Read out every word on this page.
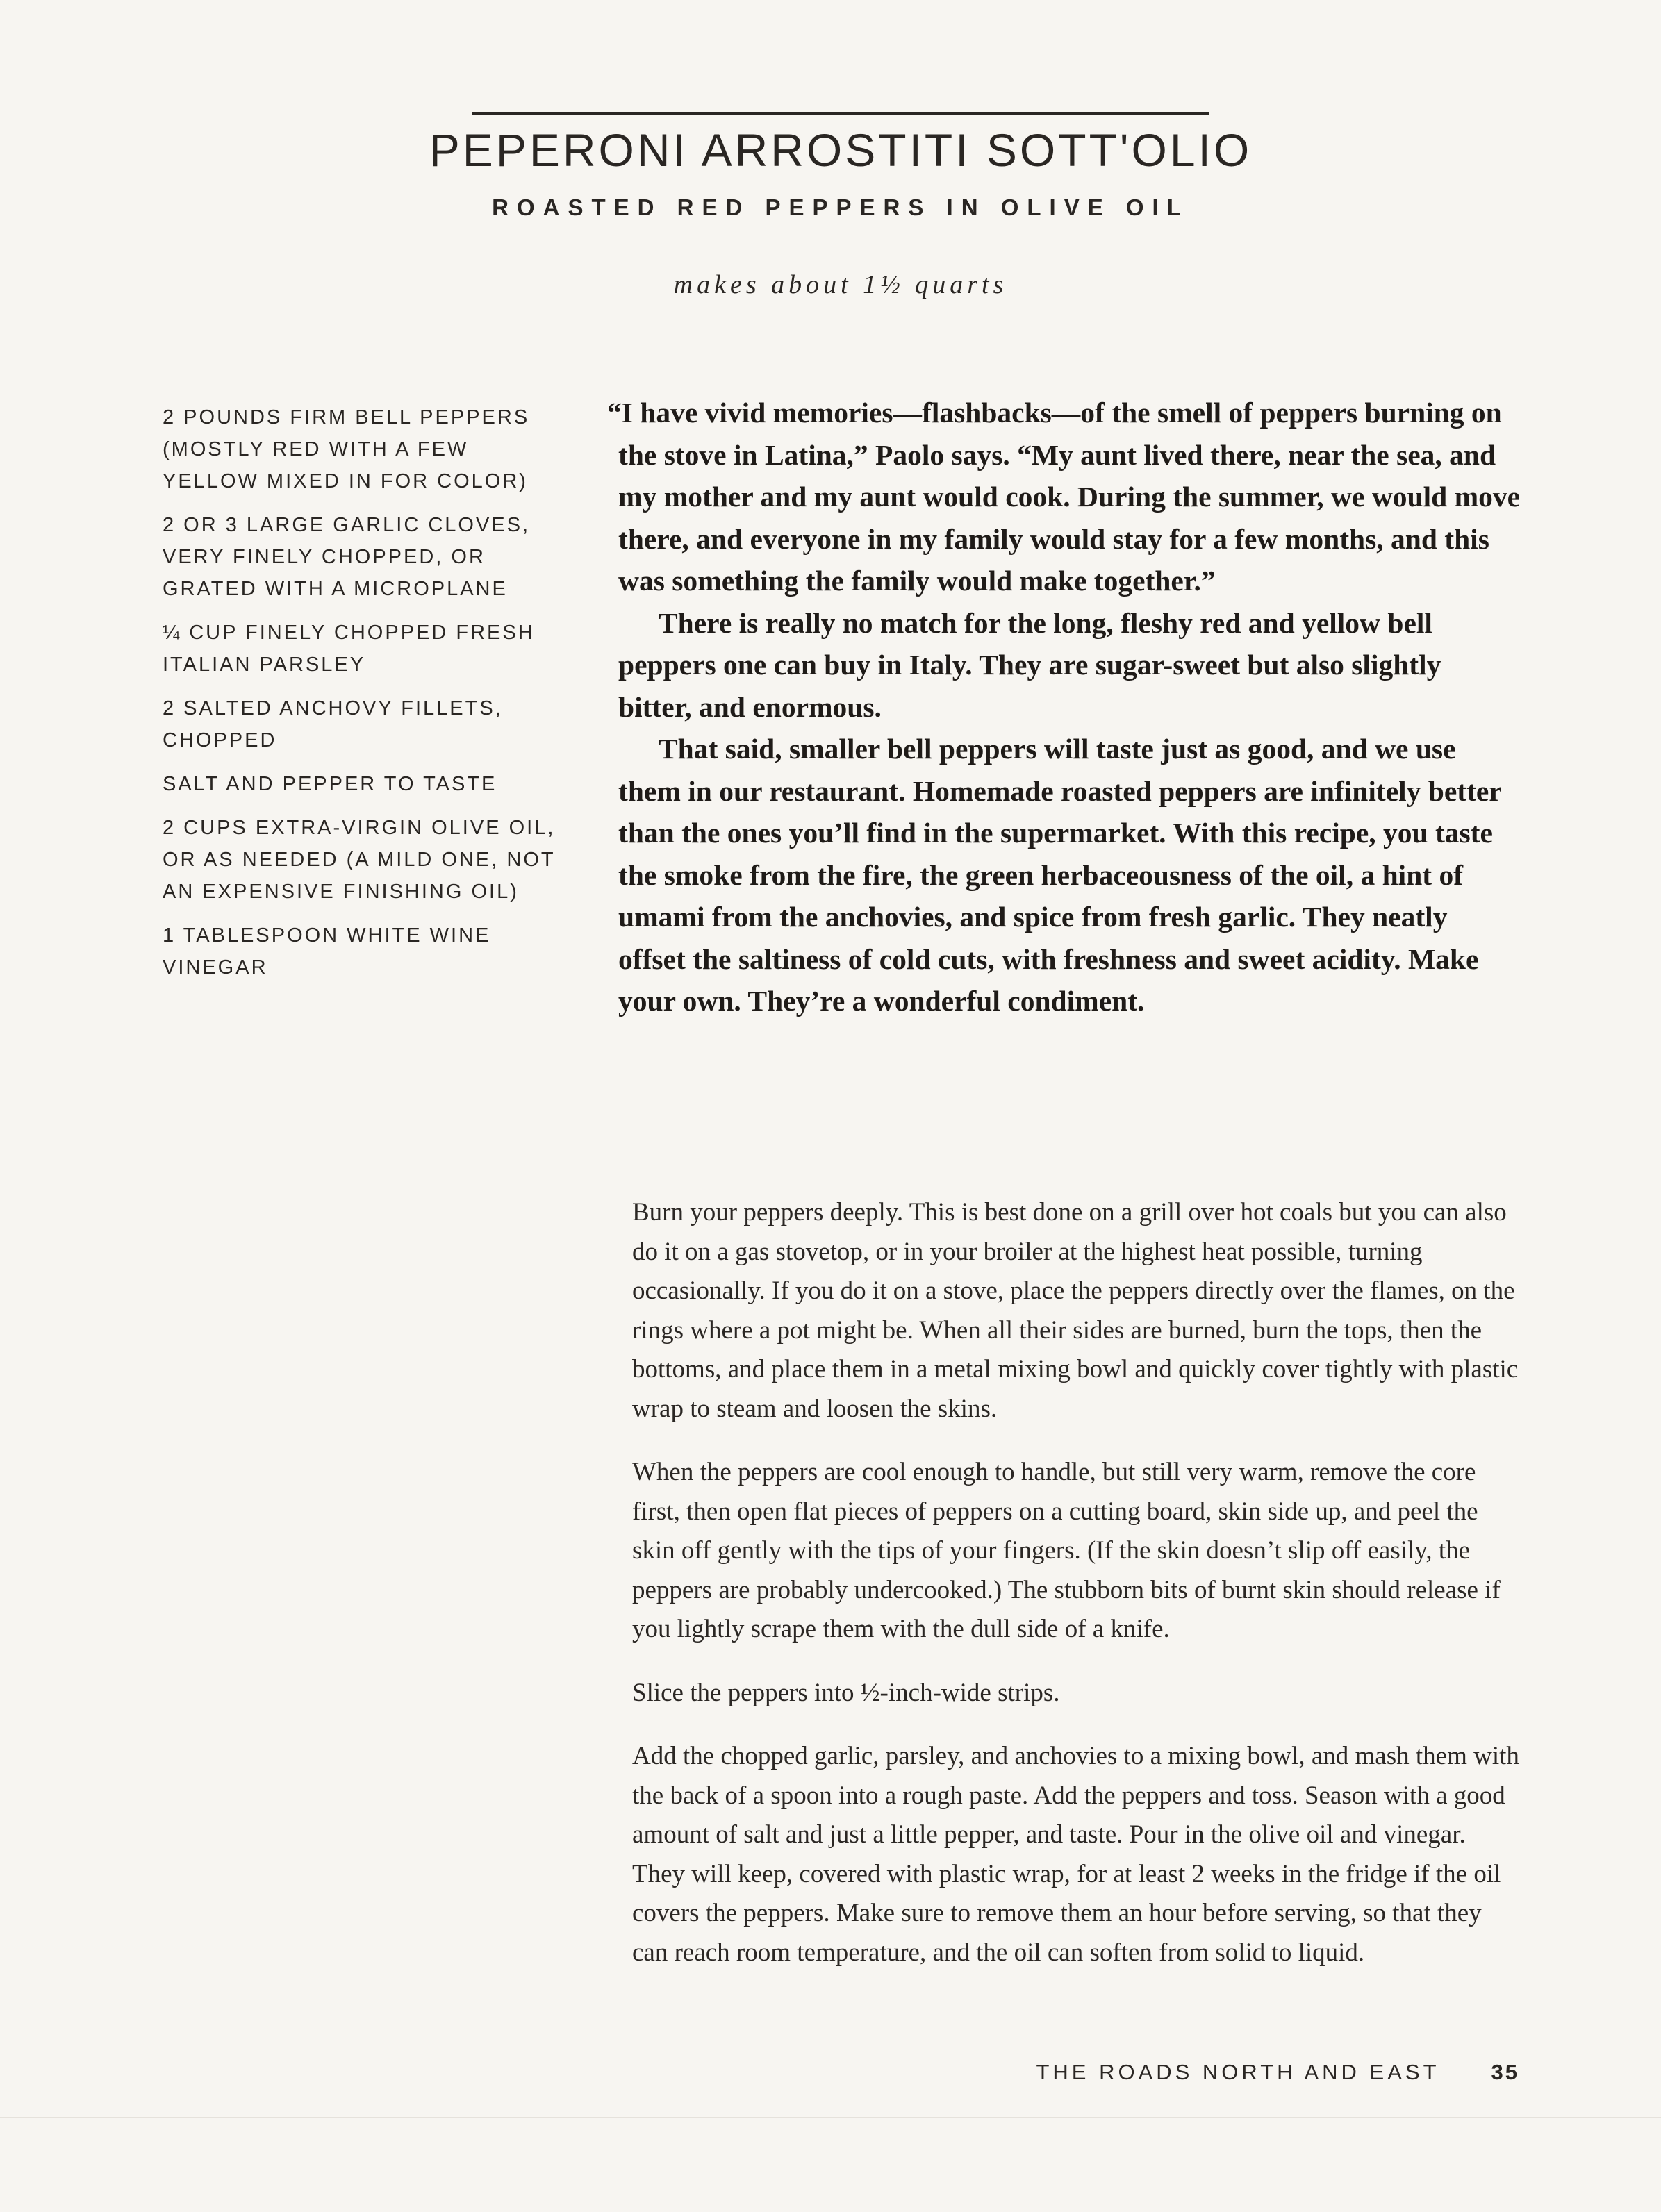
PEPERONI ARROSTITI SOTT'OLIO
ROASTED RED PEPPERS IN OLIVE OIL

makes about 1½ quarts

2 POUNDS FIRM BELL PEPPERS (MOSTLY RED WITH A FEW YELLOW MIXED IN FOR COLOR)
2 OR 3 LARGE GARLIC CLOVES, VERY FINELY CHOPPED, OR GRATED WITH A MICROPLANE
¼ CUP FINELY CHOPPED FRESH ITALIAN PARSLEY
2 SALTED ANCHOVY FILLETS, CHOPPED
SALT AND PEPPER TO TASTE
2 CUPS EXTRA-VIRGIN OLIVE OIL, OR AS NEEDED (A MILD ONE, NOT AN EXPENSIVE FINISHING OIL)
1 TABLESPOON WHITE WINE VINEGAR

“I have vivid memories—flashbacks—of the smell of peppers burning on the stove in Latina,” Paolo says. “My aunt lived there, near the sea, and my mother and my aunt would cook. During the summer, we would move there, and everyone in my family would stay for a few months, and this was something the family would make together.”

There is really no match for the long, fleshy red and yellow bell peppers one can buy in Italy. They are sugar-sweet but also slightly bitter, and enormous.

That said, smaller bell peppers will taste just as good, and we use them in our restaurant. Homemade roasted peppers are infinitely better than the ones you’ll find in the supermarket. With this recipe, you taste the smoke from the fire, the green herbaceousness of the oil, a hint of umami from the anchovies, and spice from fresh garlic. They neatly offset the saltiness of cold cuts, with freshness and sweet acidity. Make your own. They’re a wonderful condiment.

Burn your peppers deeply. This is best done on a grill over hot coals but you can also do it on a gas stovetop, or in your broiler at the highest heat possible, turning occasionally. If you do it on a stove, place the peppers directly over the flames, on the rings where a pot might be. When all their sides are burned, burn the tops, then the bottoms, and place them in a metal mixing bowl and quickly cover tightly with plastic wrap to steam and loosen the skins.

When the peppers are cool enough to handle, but still very warm, remove the core first, then open flat pieces of peppers on a cutting board, skin side up, and peel the skin off gently with the tips of your fingers. (If the skin doesn’t slip off easily, the peppers are probably undercooked.) The stubborn bits of burnt skin should release if you lightly scrape them with the dull side of a knife.

Slice the peppers into ½-inch-wide strips.

Add the chopped garlic, parsley, and anchovies to a mixing bowl, and mash them with the back of a spoon into a rough paste. Add the peppers and toss. Season with a good amount of salt and just a little pepper, and taste. Pour in the olive oil and vinegar. They will keep, covered with plastic wrap, for at least 2 weeks in the fridge if the oil covers the peppers. Make sure to remove them an hour before serving, so that they can reach room temperature, and the oil can soften from solid to liquid.

THE ROADS NORTH AND EAST 35
